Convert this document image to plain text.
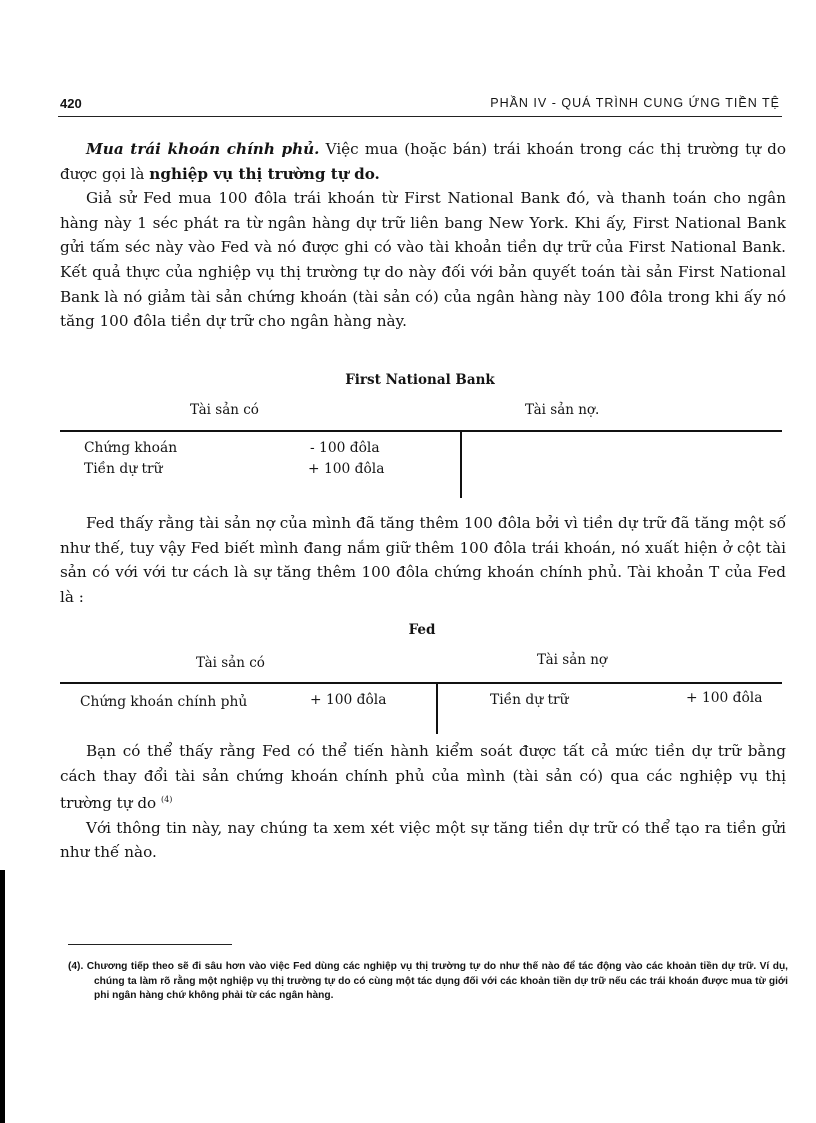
420	PHẦN IV - QUÁ TRÌNH CUNG ỨNG TIỀN TỆ

Mua trái khoán chính phủ. Việc mua (hoặc bán) trái khoán trong các thị trường tự do được gọi là nghiệp vụ thị trường tự do.

Giả sử Fed mua 100 đôla trái khoán từ First National Bank đó, và thanh toán cho ngân hàng này 1 séc phát ra từ ngân hàng dự trữ liên bang New York. Khi ấy, First National Bank gửi tấm séc này vào Fed và nó được ghi có vào tài khoản tiền dự trữ của First National Bank. Kết quả thực của nghiệp vụ thị trường tự do này đối với bản quyết toán tài sản First National Bank là nó giảm tài sản chứng khoán (tài sản có) của ngân hàng này 100 đôla trong khi ấy nó tăng 100 đôla tiền dự trữ cho ngân hàng này.

First National Bank
Tài sản có	Tài sản nợ.
Chứng khoán	- 100 đôla
Tiền dự trữ	+ 100 đôla

Fed thấy rằng tài sản nợ của mình đã tăng thêm 100 đôla bởi vì tiền dự trữ đã tăng một số như thế, tuy vậy Fed biết mình đang nắm giữ thêm 100 đôla trái khoán, nó xuất hiện ở cột tài sản có với với tư cách là sự tăng thêm 100 đôla chứng khoán chính phủ. Tài khoản T của Fed là :

Fed
Tài sản có	Tài sản nợ
Chứng khoán chính phủ	+ 100 đôla	Tiền dự trữ	+ 100 đôla

Bạn có thể thấy rằng Fed có thể tiến hành kiểm soát được tất cả mức tiền dự trữ bằng cách thay đổi tài sản chứng khoán chính phủ của mình (tài sản có) qua các nghiệp vụ thị trường tự do $^{(4)}$

Với thông tin này, nay chúng ta xem xét việc một sự tăng tiền dự trữ có thể tạo ra tiền gửi như thế nào.

(4). Chương tiếp theo sẽ đi sâu hơn vào việc Fed dùng các nghiệp vụ thị trường tự do như thế nào để tác động vào các khoản tiền dự trữ. Ví dụ, chúng ta làm rõ rằng một nghiệp vụ thị trường tự do có cùng một tác dụng đối với các khoản tiền dự trữ nếu các trái khoán được mua từ giới phi ngân hàng chứ không phải từ các ngân hàng.
